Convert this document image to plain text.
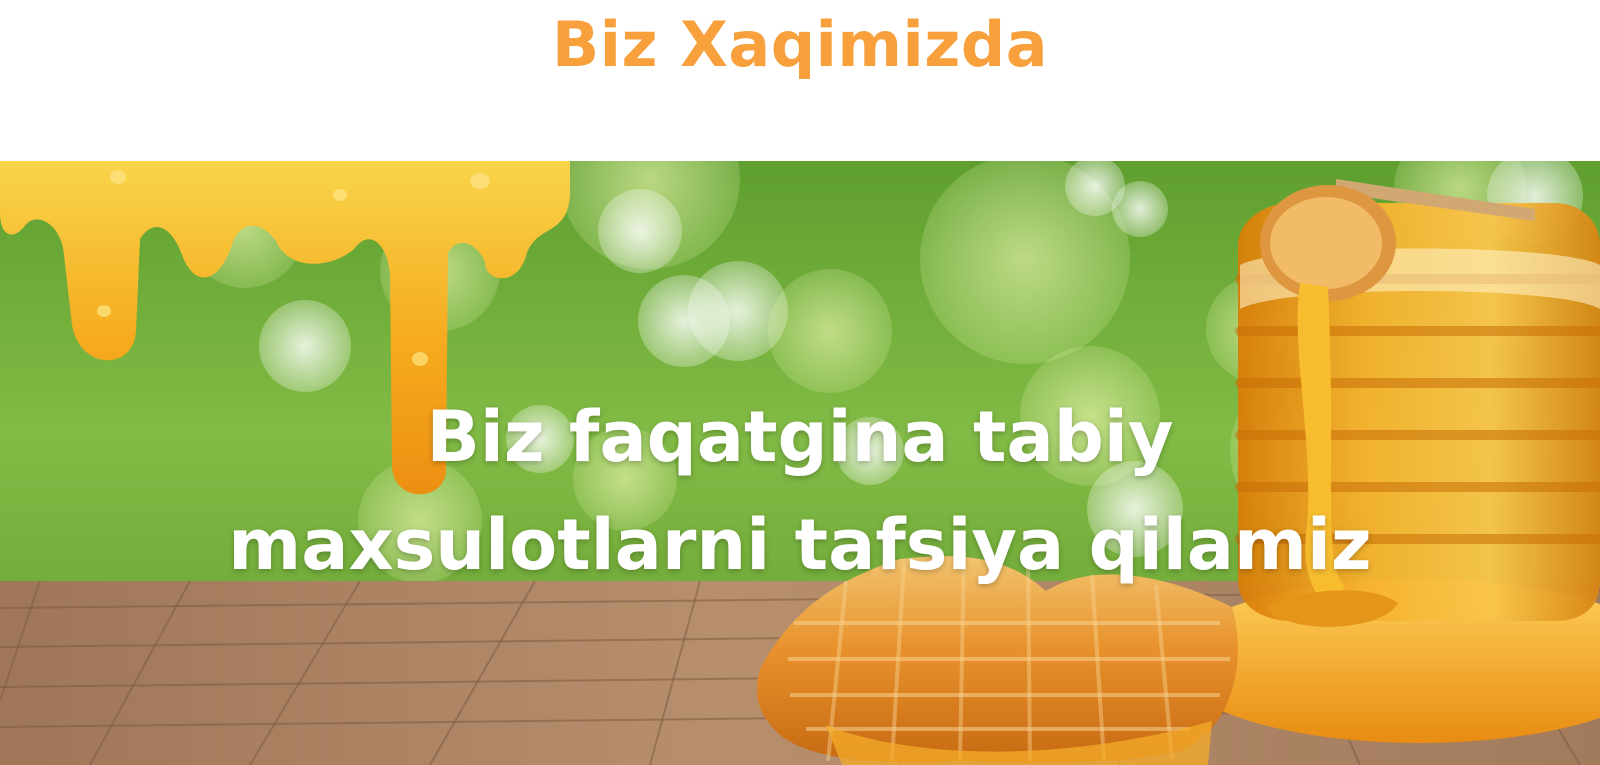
Biz Xaqimizda
Biz faqatgina tabiy
maxsulotlarni tafsiya qilamiz
